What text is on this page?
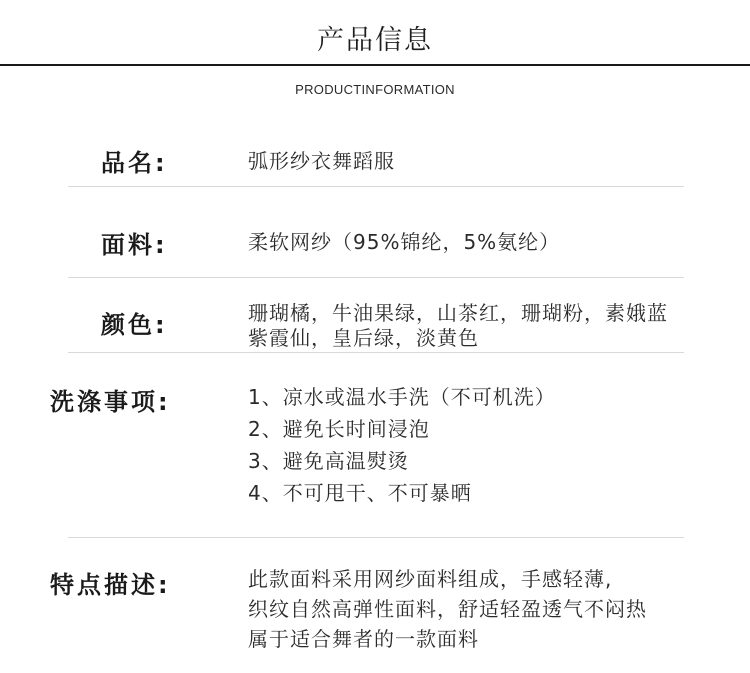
产品信息
PRODUCTINFORMATION
品名:	弧形纱衣舞蹈服
面料:	柔软网纱（95%锦纶，5%氨纶）
颜色:	珊瑚橘，牛油果绿，山茶红，珊瑚粉，素娥蓝
紫霞仙，皇后绿，淡黄色
洗涤事项:	1、凉水或温水手洗（不可机洗）
2、避免长时间浸泡
3、避免高温熨烫
4、不可甩干、不可暴晒
特点描述:	此款面料采用网纱面料组成，手感轻薄,
织纹自然高弹性面料，舒适轻盈透气不闷热
属于适合舞者的一款面料
